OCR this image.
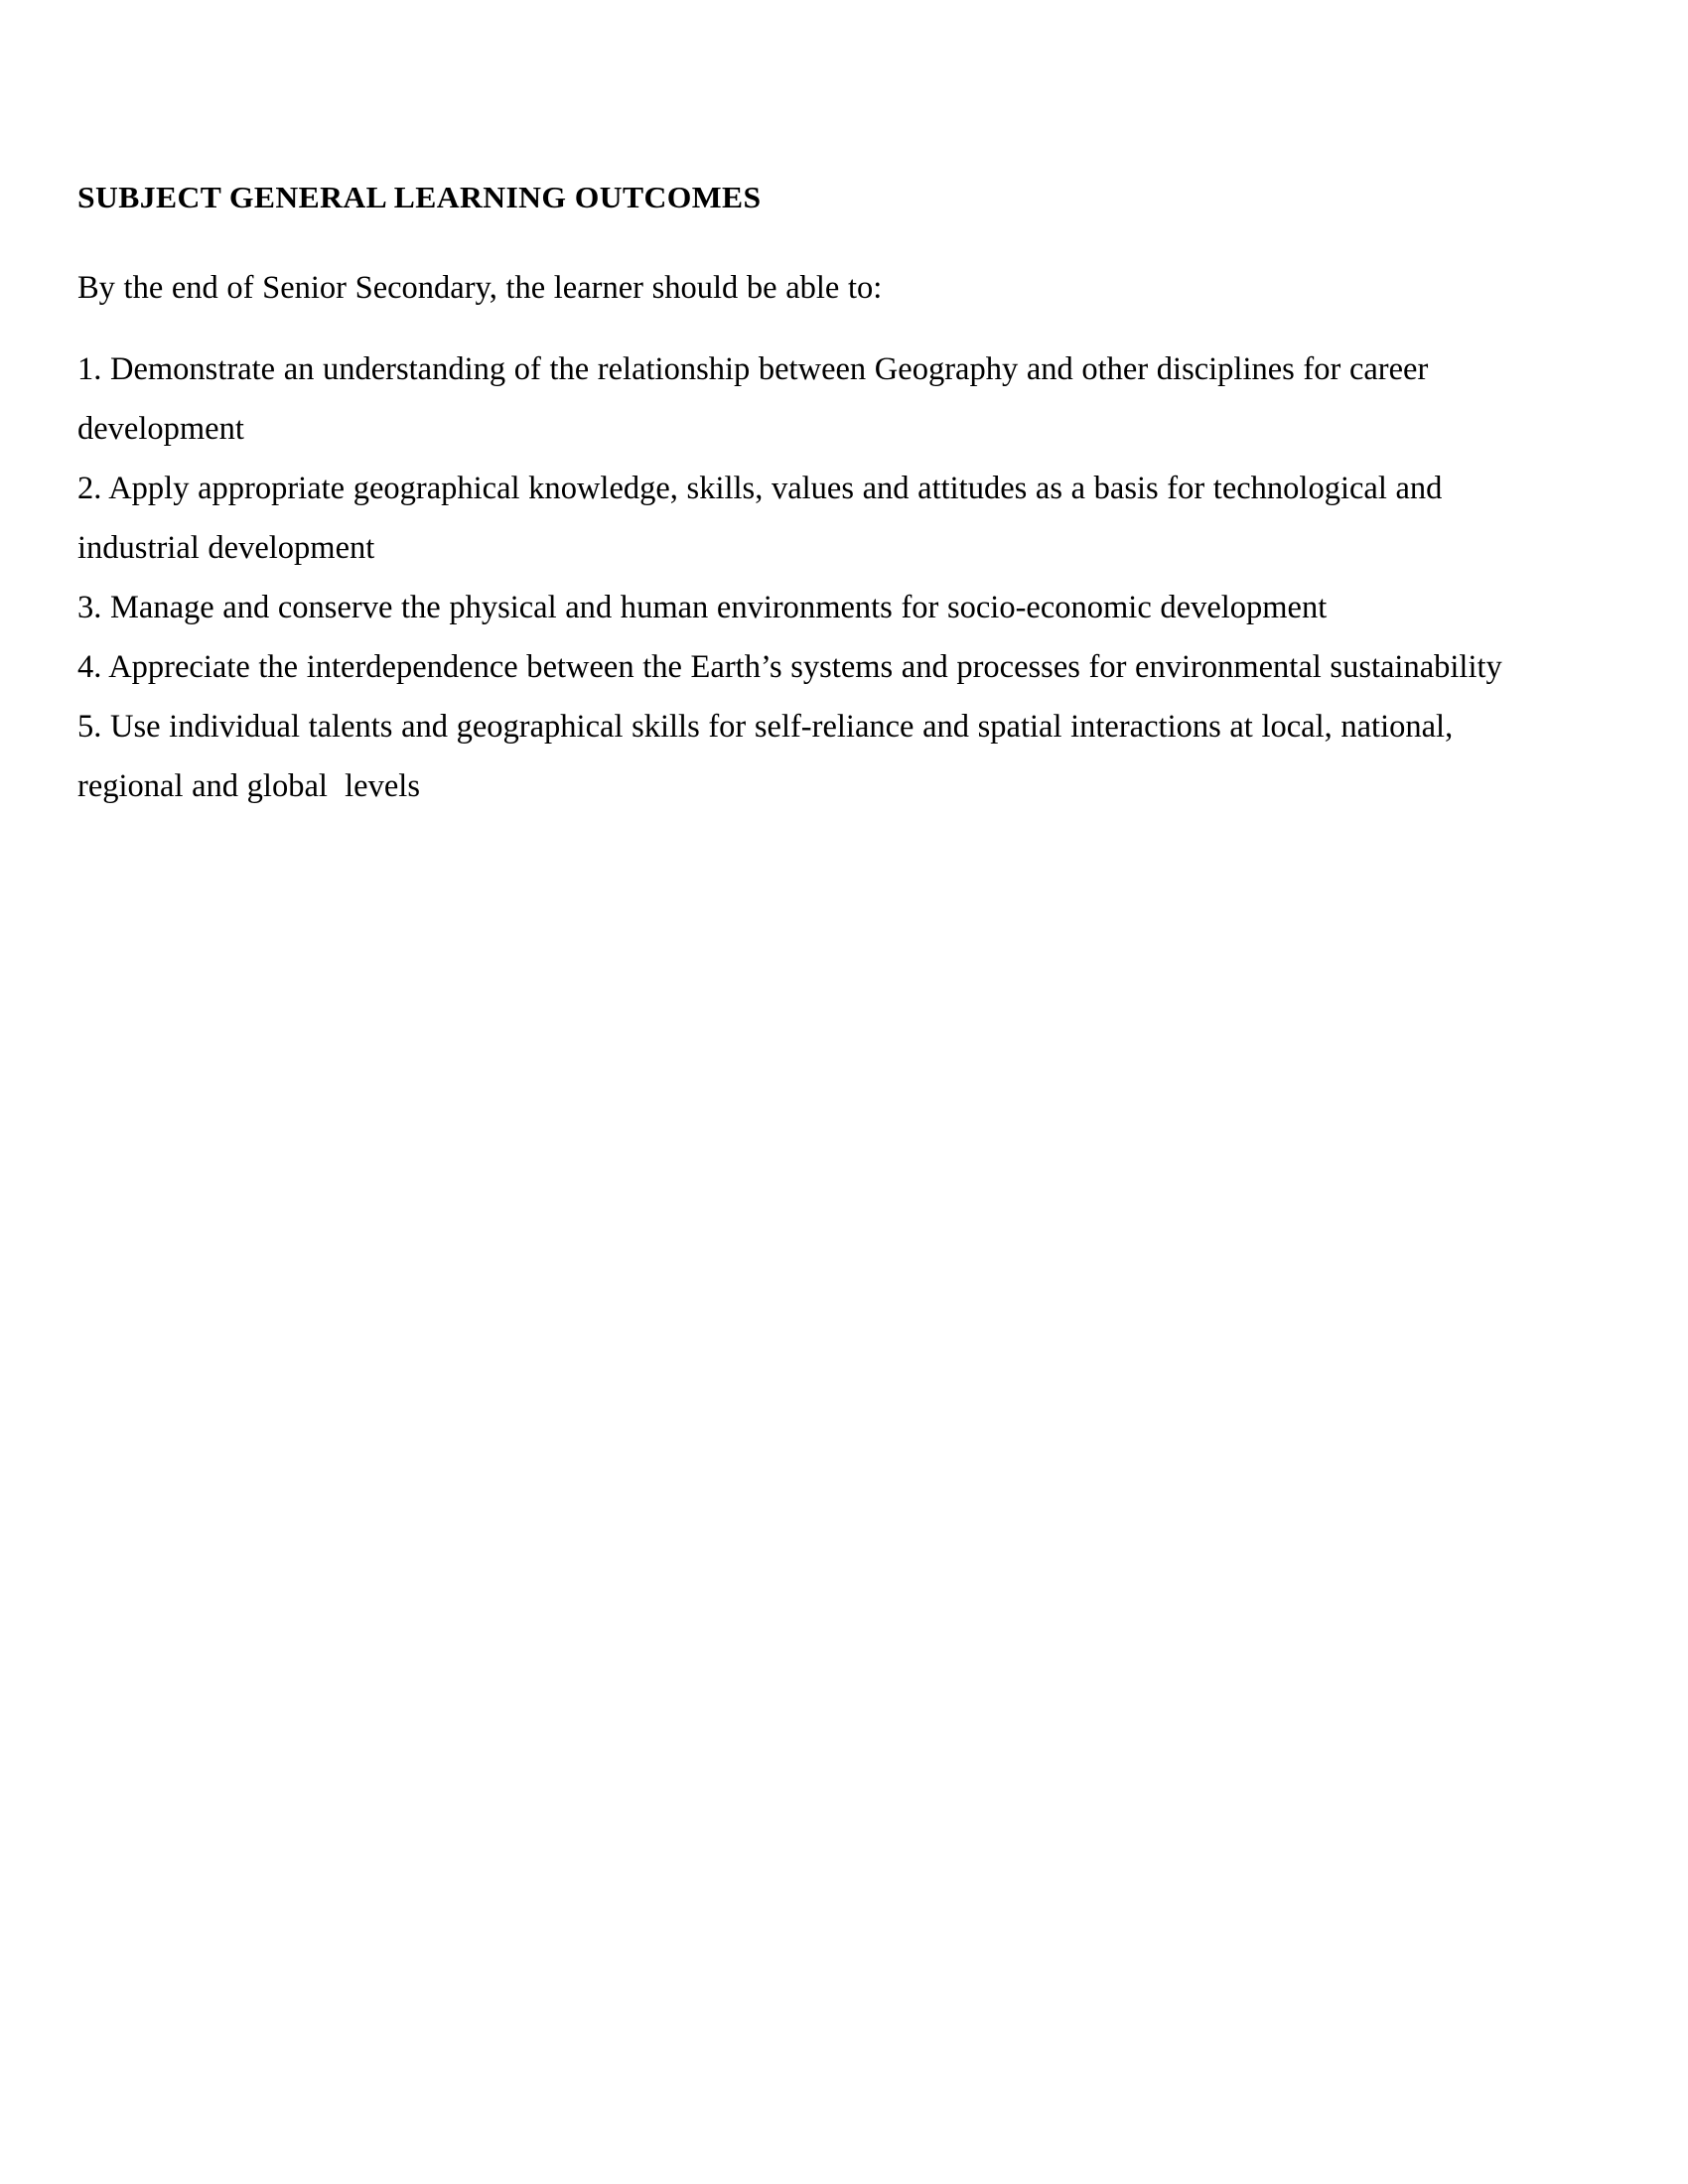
SUBJECT GENERAL LEARNING OUTCOMES

By the end of Senior Secondary, the learner should be able to:

1. Demonstrate an understanding of the relationship between Geography and other disciplines for career development
2. Apply appropriate geographical knowledge, skills, values and attitudes as a basis for technological and industrial development
3. Manage and conserve the physical and human environments for socio-economic development
4. Appreciate the interdependence between the Earth’s systems and processes for environmental sustainability
5. Use individual talents and geographical skills for self-reliance and spatial interactions at local, national, regional and global  levels
